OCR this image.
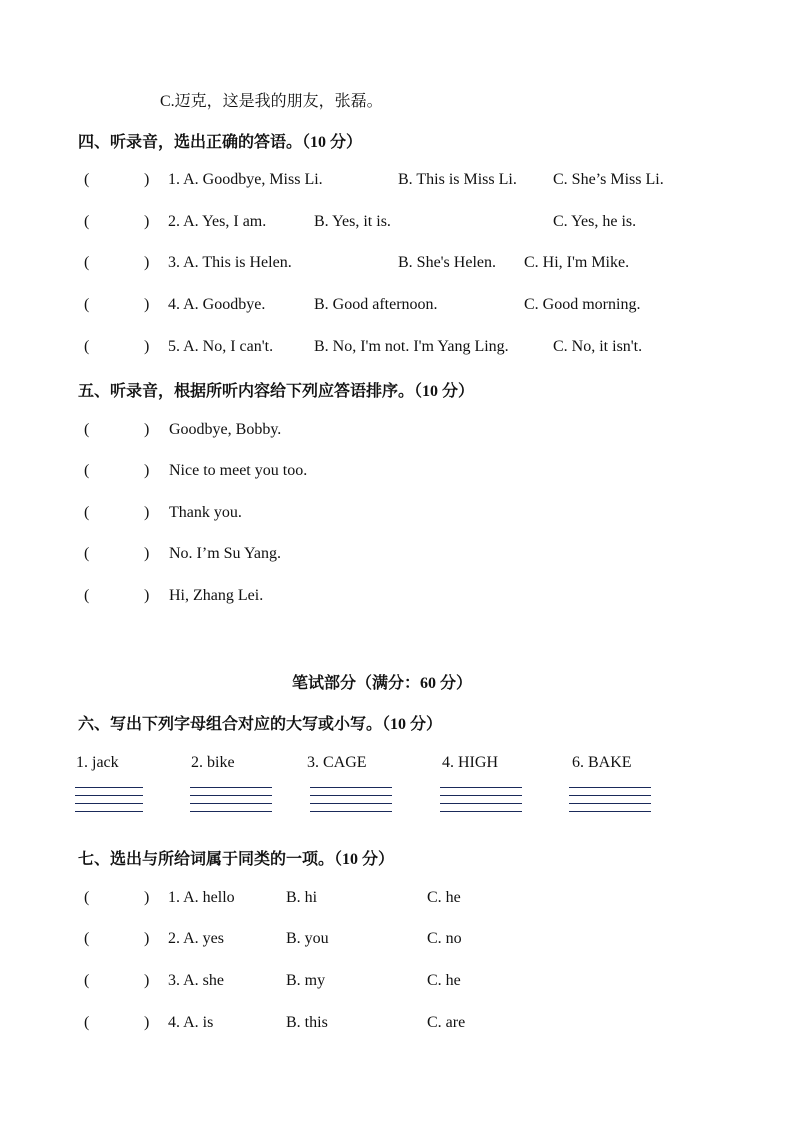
C.迈克，这是我的朋友，张磊。
四、听录音，选出正确的答语。（10 分）
(	) 1. A. Goodbye, Miss Li.	B. This is Miss Li. C. She’s Miss Li.
(	) 2. A. Yes, I am.	B. Yes, it is.	C. Yes, he is.
(	) 3. A. This is Helen.	B. She's Helen. C. Hi, I'm Mike.
(	) 4. A. Goodbye.	B. Good afternoon.	C. Good morning.
(	) 5. A. No, I can't.	B. No, I'm not. I'm Yang Ling.	C. No, it isn't.
五、听录音，根据所听内容给下列应答语排序。（10 分）
(	) Goodbye, Bobby.
(	) Nice to meet you too.
(	) Thank you.
(	) No. I’m Su Yang.
(	) Hi, Zhang Lei.
笔试部分（满分：60 分）
六、写出下列字母组合对应的大写或小写。（10 分）
1. jack	2. bike	3. CAGE	4. HIGH	6. BAKE
七、选出与所给词属于同类的一项。（10 分）
(	) 1. A. hello	B. hi	C. he
(	) 2. A. yes	B. you	C. no
(	) 3. A. she	B. my	C. he
(	) 4. A. is	B. this	C. are
